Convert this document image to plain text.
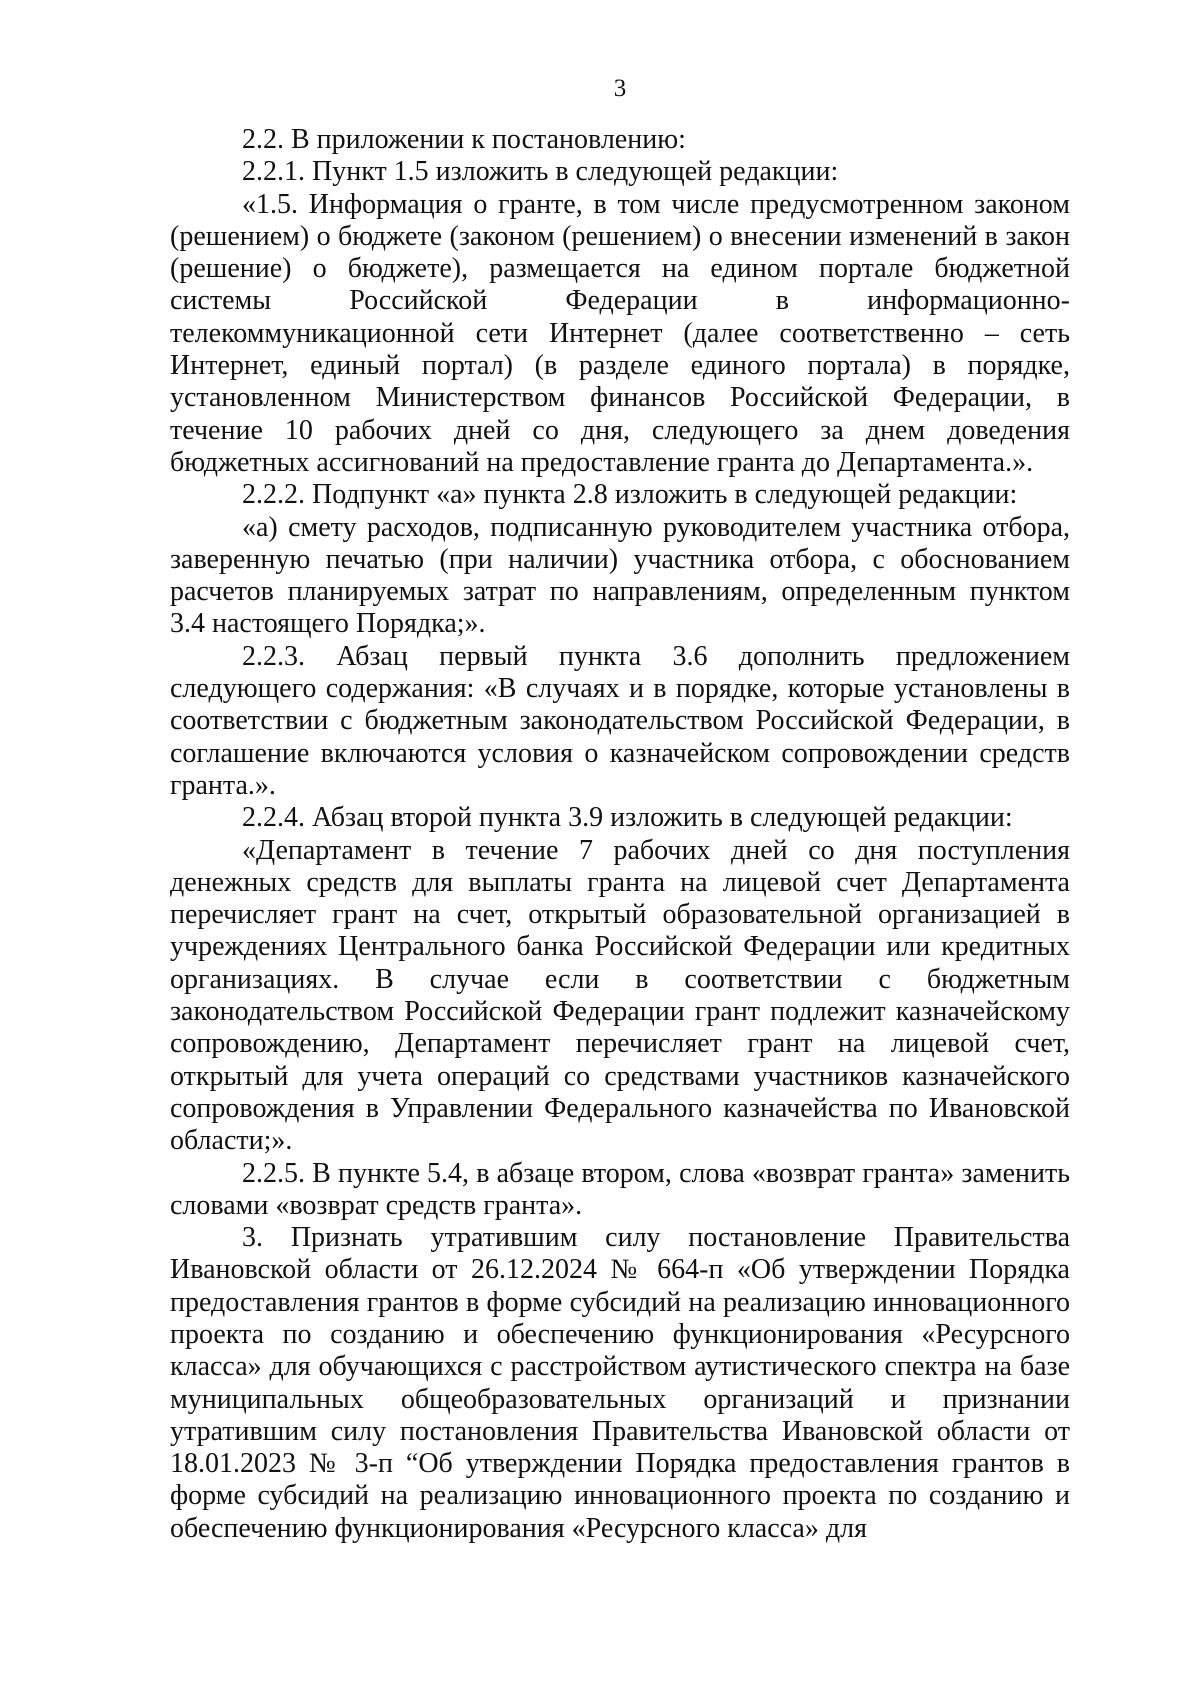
3

2.2. В приложении к постановлению:

2.2.1. Пункт 1.5 изложить в следующей редакции:

«1.5. Информация о гранте, в том числе предусмотренном законом (решением) о бюджете (законом (решением) о внесении изменений в закон (решение) о бюджете), размещается на едином портале бюджетной системы Российской Федерации в информационно-телекоммуникационной сети Интернет (далее соответственно – сеть Интернет, единый портал) (в разделе единого портала) в порядке, установленном Министерством финансов Российской Федерации, в течение 10 рабочих дней со дня, следующего за днем доведения бюджетных ассигнований на предоставление гранта до Департамента.».

2.2.2. Подпункт «а» пункта 2.8 изложить в следующей редакции:

«а) смету расходов, подписанную руководителем участника отбора, заверенную печатью (при наличии) участника отбора, с обоснованием расчетов планируемых затрат по направлениям, определенным пунктом 3.4 настоящего Порядка;».

2.2.3. Абзац первый пункта 3.6 дополнить предложением следующего содержания: «В случаях и в порядке, которые установлены в соответствии с бюджетным законодательством Российской Федерации, в соглашение включаются условия о казначейском сопровождении средств гранта.».

2.2.4. Абзац второй пункта 3.9 изложить в следующей редакции:

«Департамент в течение 7 рабочих дней со дня поступления денежных средств для выплаты гранта на лицевой счет Департамента перечисляет грант на счет, открытый образовательной организацией в учреждениях Центрального банка Российской Федерации или кредитных организациях. В случае если в соответствии с бюджетным законодательством Российской Федерации грант подлежит казначейскому сопровождению, Департамент перечисляет грант на лицевой счет, открытый для учета операций со средствами участников казначейского сопровождения в Управлении Федерального казначейства по Ивановской области;».

2.2.5. В пункте 5.4, в абзаце втором, слова «возврат гранта» заменить словами «возврат средств гранта».

3. Признать утратившим силу постановление Правительства Ивановской области от 26.12.2024 № 664-п «Об утверждении Порядка предоставления грантов в форме субсидий на реализацию инновационного проекта по созданию и обеспечению функционирования «Ресурсного класса» для обучающихся с расстройством аутистического спектра на базе муниципальных общеобразовательных организаций и признании утратившим силу постановления Правительства Ивановской области от 18.01.2023 № 3-п “Об утверждении Порядка предоставления грантов в форме субсидий на реализацию инновационного проекта по созданию и обеспечению функционирования «Ресурсного класса» для
